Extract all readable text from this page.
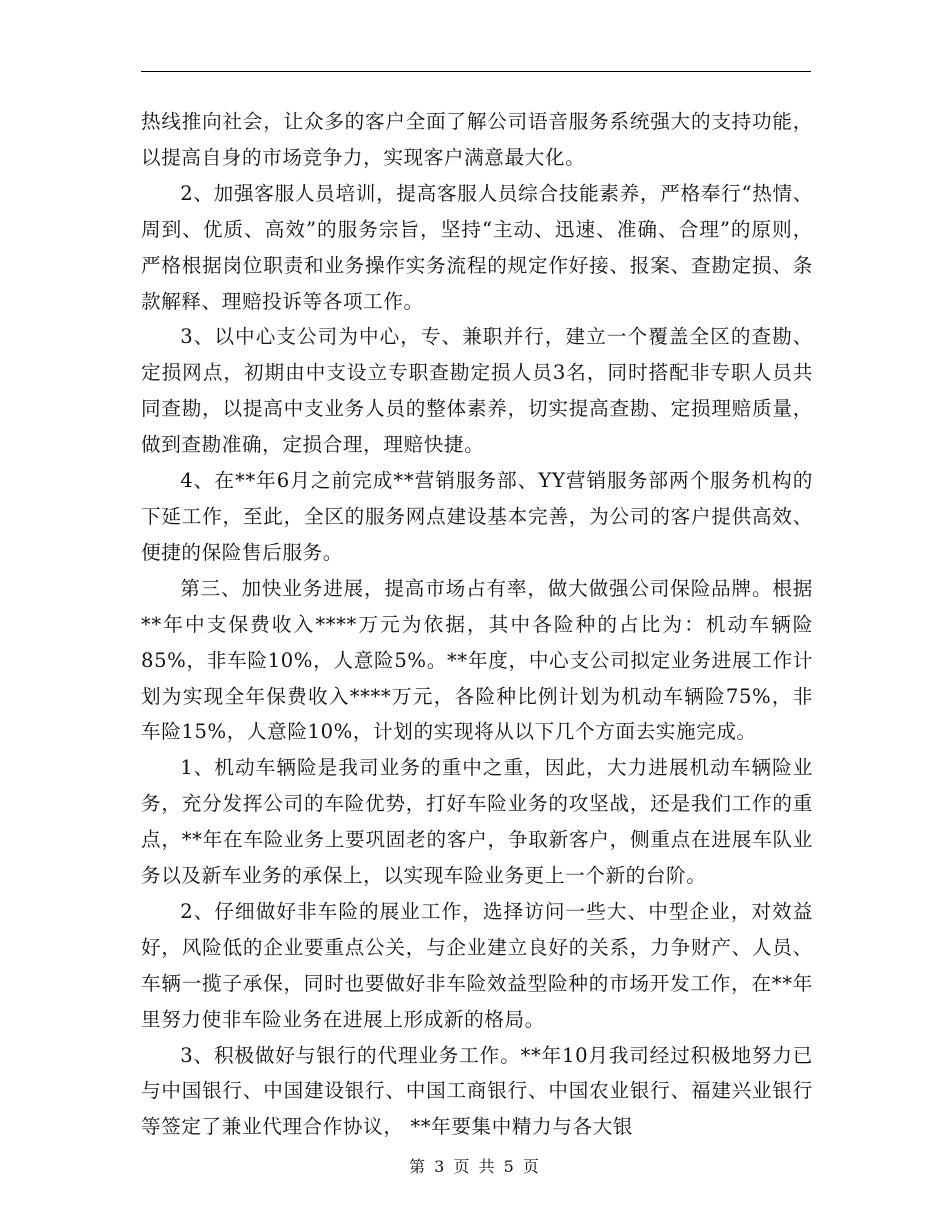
热线推向社会，让众多的客户全面了解公司语音服务系统强大的支持功能，以提高自身的市场竞争力，实现客户满意最大化。

2、加强客服人员培训，提高客服人员综合技能素养，严格奉行“热情、周到、优质、高效”的服务宗旨，坚持“主动、迅速、准确、合理”的原则，严格根据岗位职责和业务操作实务流程的规定作好接、报案、查勘定损、条款解释、理赔投诉等各项工作。

3、以中心支公司为中心，专、兼职并行，建立一个覆盖全区的查勘、定损网点，初期由中支设立专职查勘定损人员3名，同时搭配非专职人员共同查勘，以提高中支业务人员的整体素养，切实提高查勘、定损理赔质量，做到查勘准确，定损合理，理赔快捷。

4、在**年6月之前完成**营销服务部、YY营销服务部两个服务机构的下延工作，至此，全区的服务网点建设基本完善，为公司的客户提供高效、便捷的保险售后服务。

第三、加快业务进展，提高市场占有率，做大做强公司保险品牌。根据**年中支保费收入****万元为依据，其中各险种的占比为：机动车辆险85%，非车险10%，人意险5%。**年度，中心支公司拟定业务进展工作计划为实现全年保费收入****万元，各险种比例计划为机动车辆险75%，非车险15%，人意险10%，计划的实现将从以下几个方面去实施完成。

1、机动车辆险是我司业务的重中之重，因此，大力进展机动车辆险业务，充分发挥公司的车险优势，打好车险业务的攻坚战，还是我们工作的重点，**年在车险业务上要巩固老的客户，争取新客户，侧重点在进展车队业务以及新车业务的承保上，以实现车险业务更上一个新的台阶。

2、仔细做好非车险的展业工作，选择访问一些大、中型企业，对效益好，风险低的企业要重点公关，与企业建立良好的关系，力争财产、人员、车辆一揽子承保，同时也要做好非车险效益型险种的市场开发工作，在**年里努力使非车险业务在进展上形成新的格局。

3、积极做好与银行的代理业务工作。**年10月我司经过积极地努力已与中国银行、中国建设银行、中国工商银行、中国农业银行、福建兴业银行等签定了兼业代理合作协议， **年要集中精力与各大银

第 3 页 共 5 页
